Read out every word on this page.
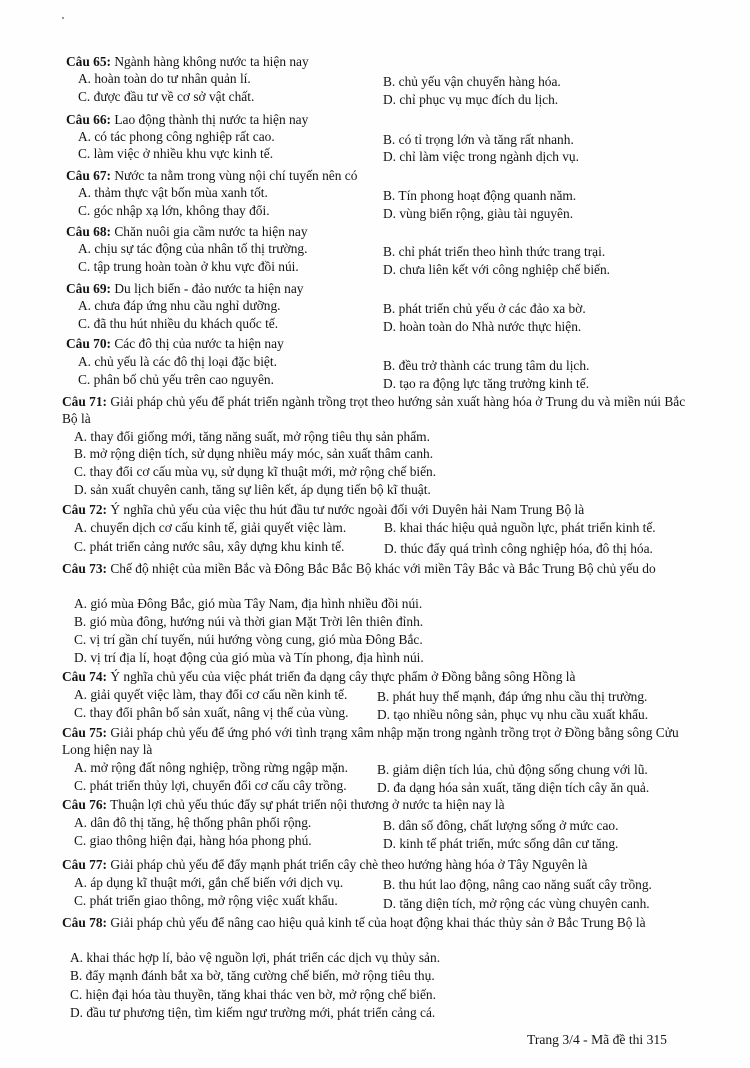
Câu 65: Ngành hàng không nước ta hiện nay
A. hoàn toàn do tư nhân quản lí.	B. chủ yếu vận chuyển hàng hóa.
C. được đầu tư về cơ sở vật chất.	D. chỉ phục vụ mục đích du lịch.
Câu 66: Lao động thành thị nước ta hiện nay
A. có tác phong công nghiệp rất cao.	B. có tỉ trọng lớn và tăng rất nhanh.
C. làm việc ở nhiều khu vực kinh tế.	D. chỉ làm việc trong ngành dịch vụ.
Câu 67: Nước ta nằm trong vùng nội chí tuyến nên có
A. thảm thực vật bốn mùa xanh tốt.	B. Tín phong hoạt động quanh năm.
C. góc nhập xạ lớn, không thay đổi.	D. vùng biển rộng, giàu tài nguyên.
Câu 68: Chăn nuôi gia cầm nước ta hiện nay
A. chịu sự tác động của nhân tố thị trường.	B. chỉ phát triển theo hình thức trang trại.
C. tập trung hoàn toàn ở khu vực đồi núi.	D. chưa liên kết với công nghiệp chế biến.
Câu 69: Du lịch biển - đảo nước ta hiện nay
A. chưa đáp ứng nhu cầu nghỉ dưỡng.	B. phát triển chủ yếu ở các đảo xa bờ.
C. đã thu hút nhiều du khách quốc tế.	D. hoàn toàn do Nhà nước thực hiện.
Câu 70: Các đô thị của nước ta hiện nay
A. chủ yếu là các đô thị loại đặc biệt.	B. đều trở thành các trung tâm du lịch.
C. phân bố chủ yếu trên cao nguyên.	D. tạo ra động lực tăng trưởng kinh tế.
Câu 71: Giải pháp chủ yếu để phát triển ngành trồng trọt theo hướng sản xuất hàng hóa ở Trung du và miền núi Bắc Bộ là
A. thay đổi giống mới, tăng năng suất, mở rộng tiêu thụ sản phẩm.
B. mở rộng diện tích, sử dụng nhiều máy móc, sản xuất thâm canh.
C. thay đổi cơ cấu mùa vụ, sử dụng kĩ thuật mới, mở rộng chế biến.
D. sản xuất chuyên canh, tăng sự liên kết, áp dụng tiến bộ kĩ thuật.
Câu 72: Ý nghĩa chủ yếu của việc thu hút đầu tư nước ngoài đối với Duyên hải Nam Trung Bộ là
A. chuyển dịch cơ cấu kinh tế, giải quyết việc làm.	B. khai thác hiệu quả nguồn lực, phát triển kinh tế.
C. phát triển cảng nước sâu, xây dựng khu kinh tế.	D. thúc đẩy quá trình công nghiệp hóa, đô thị hóa.
Câu 73: Chế độ nhiệt của miền Bắc và Đông Bắc Bắc Bộ khác với miền Tây Bắc và Bắc Trung Bộ chủ yếu do
A. gió mùa Đông Bắc, gió mùa Tây Nam, địa hình nhiều đồi núi.
B. gió mùa đông, hướng núi và thời gian Mặt Trời lên thiên đỉnh.
C. vị trí gần chí tuyến, núi hướng vòng cung, gió mùa Đông Bắc.
D. vị trí địa lí, hoạt động của gió mùa và Tín phong, địa hình núi.
Câu 74: Ý nghĩa chủ yếu của việc phát triển đa dạng cây thực phẩm ở Đồng bằng sông Hồng là
A. giải quyết việc làm, thay đổi cơ cấu nền kinh tế. B. phát huy thế mạnh, đáp ứng nhu cầu thị trường.
C. thay đổi phân bố sản xuất, nâng vị thế của vùng. D. tạo nhiều nông sản, phục vụ nhu cầu xuất khẩu.
Câu 75: Giải pháp chủ yếu để ứng phó với tình trạng xâm nhập mặn trong ngành trồng trọt ở Đồng bằng sông Cửu Long hiện nay là
A. mở rộng đất nông nghiệp, trồng rừng ngập mặn. B. giảm diện tích lúa, chủ động sống chung với lũ.
C. phát triển thủy lợi, chuyển đổi cơ cấu cây trồng. D. đa dạng hóa sản xuất, tăng diện tích cây ăn quả.
Câu 76: Thuận lợi chủ yếu thúc đẩy sự phát triển nội thương ở nước ta hiện nay là
A. dân đô thị tăng, hệ thống phân phối rộng.	B. dân số đông, chất lượng sống ở mức cao.
C. giao thông hiện đại, hàng hóa phong phú.	D. kinh tế phát triển, mức sống dân cư tăng.
Câu 77: Giải pháp chủ yếu để đẩy mạnh phát triển cây chè theo hướng hàng hóa ở Tây Nguyên là
A. áp dụng kĩ thuật mới, gắn chế biến với dịch vụ.	B. thu hút lao động, nâng cao năng suất cây trồng.
C. phát triển giao thông, mở rộng việc xuất khẩu.	D. tăng diện tích, mở rộng các vùng chuyên canh.
Câu 78: Giải pháp chủ yếu để nâng cao hiệu quả kinh tế của hoạt động khai thác thủy sản ở Bắc Trung Bộ là
A. khai thác hợp lí, bảo vệ nguồn lợi, phát triển các dịch vụ thủy sản.
B. đẩy mạnh đánh bắt xa bờ, tăng cường chế biến, mở rộng tiêu thụ.
C. hiện đại hóa tàu thuyền, tăng khai thác ven bờ, mở rộng chế biến.
D. đầu tư phương tiện, tìm kiếm ngư trường mới, phát triển cảng cá.
Trang 3/4 - Mã đề thi 315
